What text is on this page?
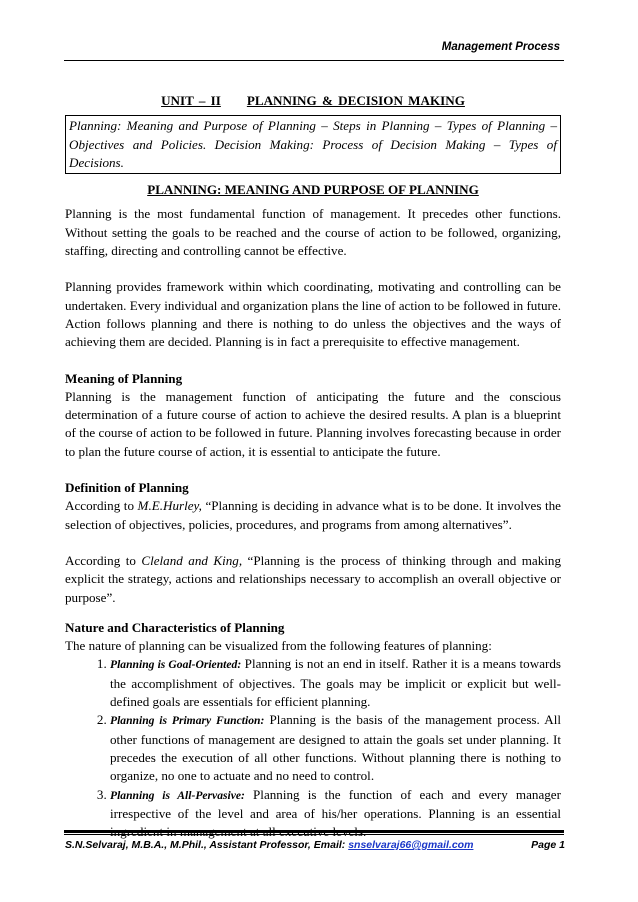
Management Process
UNIT – II PLANNING & DECISION MAKING
Planning: Meaning and Purpose of Planning – Steps in Planning – Types of Planning – Objectives and Policies. Decision Making: Process of Decision Making – Types of Decisions.
PLANNING: MEANING AND PURPOSE OF PLANNING

Planning is the most fundamental function of management. It precedes other functions. Without setting the goals to be reached and the course of action to be followed, organizing, staffing, directing and controlling cannot be effective.

Planning provides framework within which coordinating, motivating and controlling can be undertaken. Every individual and organization plans the line of action to be followed in future. Action follows planning and there is nothing to do unless the objectives and the ways of achieving them are decided. Planning is in fact a prerequisite to effective management.

Meaning of Planning

Planning is the management function of anticipating the future and the conscious determination of a future course of action to achieve the desired results. A plan is a blueprint of the course of action to be followed in future. Planning involves forecasting because in order to plan the future course of action, it is essential to anticipate the future.

Definition of Planning

According to M.E.Hurley, “Planning is deciding in advance what is to be done. It involves the selection of objectives, policies, procedures, and programs from among alternatives”.

According to Cleland and King, “Planning is the process of thinking through and making explicit the strategy, actions and relationships necessary to accomplish an overall objective or purpose”.

Nature and Characteristics of Planning

The nature of planning can be visualized from the following features of planning:

1. Planning is Goal-Oriented: Planning is not an end in itself. Rather it is a means towards the accomplishment of objectives. The goals may be implicit or explicit but well-defined goals are essentials for efficient planning.
2. Planning is Primary Function: Planning is the basis of the management process. All other functions of management are designed to attain the goals set under planning. It precedes the execution of all other functions. Without planning there is nothing to organize, no one to actuate and no need to control.
3. Planning is All-Pervasive: Planning is the function of each and every manager irrespective of the level and area of his/her operations. Planning is an essential ingredient in management at all executive levels.
S.N.Selvaraj, M.B.A., M.Phil., Assistant Professor, Email: snselvaraj66@gmail.com	Page 1
